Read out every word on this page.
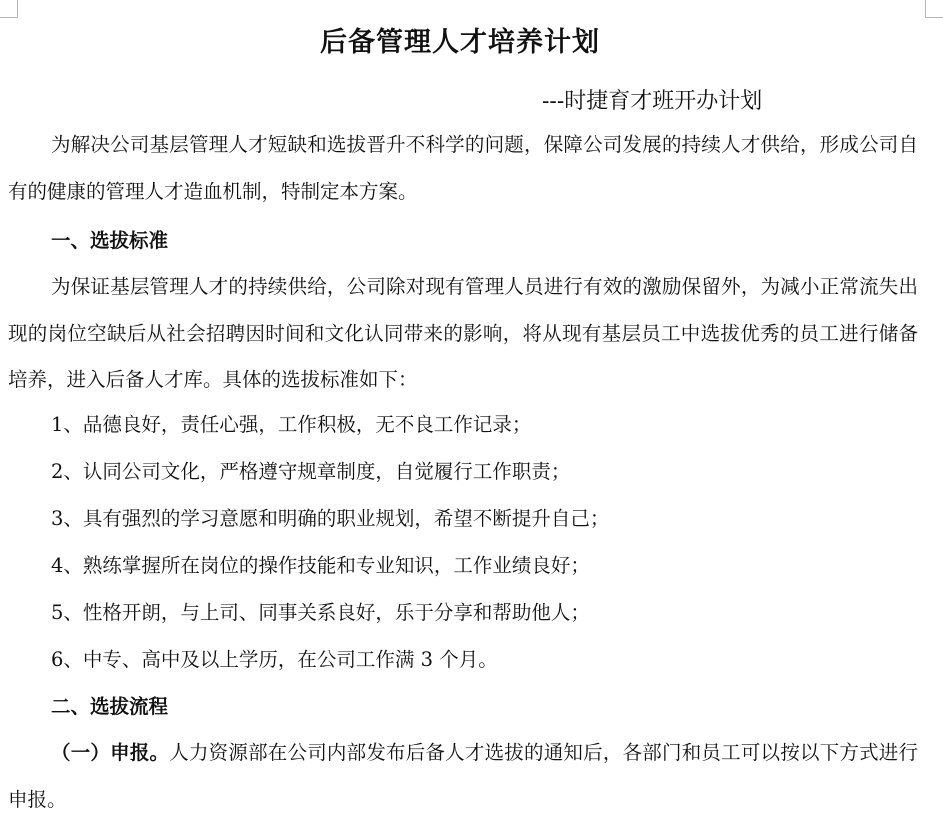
后备管理人才培养计划
---时捷育才班开办计划
为解决公司基层管理人才短缺和选拔晋升不科学的问题，保障公司发展的持续人才供给，形成公司自有的健康的管理人才造血机制，特制定本方案。
一、选拔标准
为保证基层管理人才的持续供给，公司除对现有管理人员进行有效的激励保留外，为减小正常流失出现的岗位空缺后从社会招聘因时间和文化认同带来的影响，将从现有基层员工中选拔优秀的员工进行储备培养，进入后备人才库。具体的选拔标准如下：
1、品德良好，责任心强，工作积极，无不良工作记录；
2、认同公司文化，严格遵守规章制度，自觉履行工作职责；
3、具有强烈的学习意愿和明确的职业规划，希望不断提升自己；
4、熟练掌握所在岗位的操作技能和专业知识，工作业绩良好；
5、性格开朗，与上司、同事关系良好，乐于分享和帮助他人；
6、中专、高中及以上学历，在公司工作满 3 个月。
二、选拔流程
（一）申报。人力资源部在公司内部发布后备人才选拔的通知后，各部门和员工可以按以下方式进行申报。
